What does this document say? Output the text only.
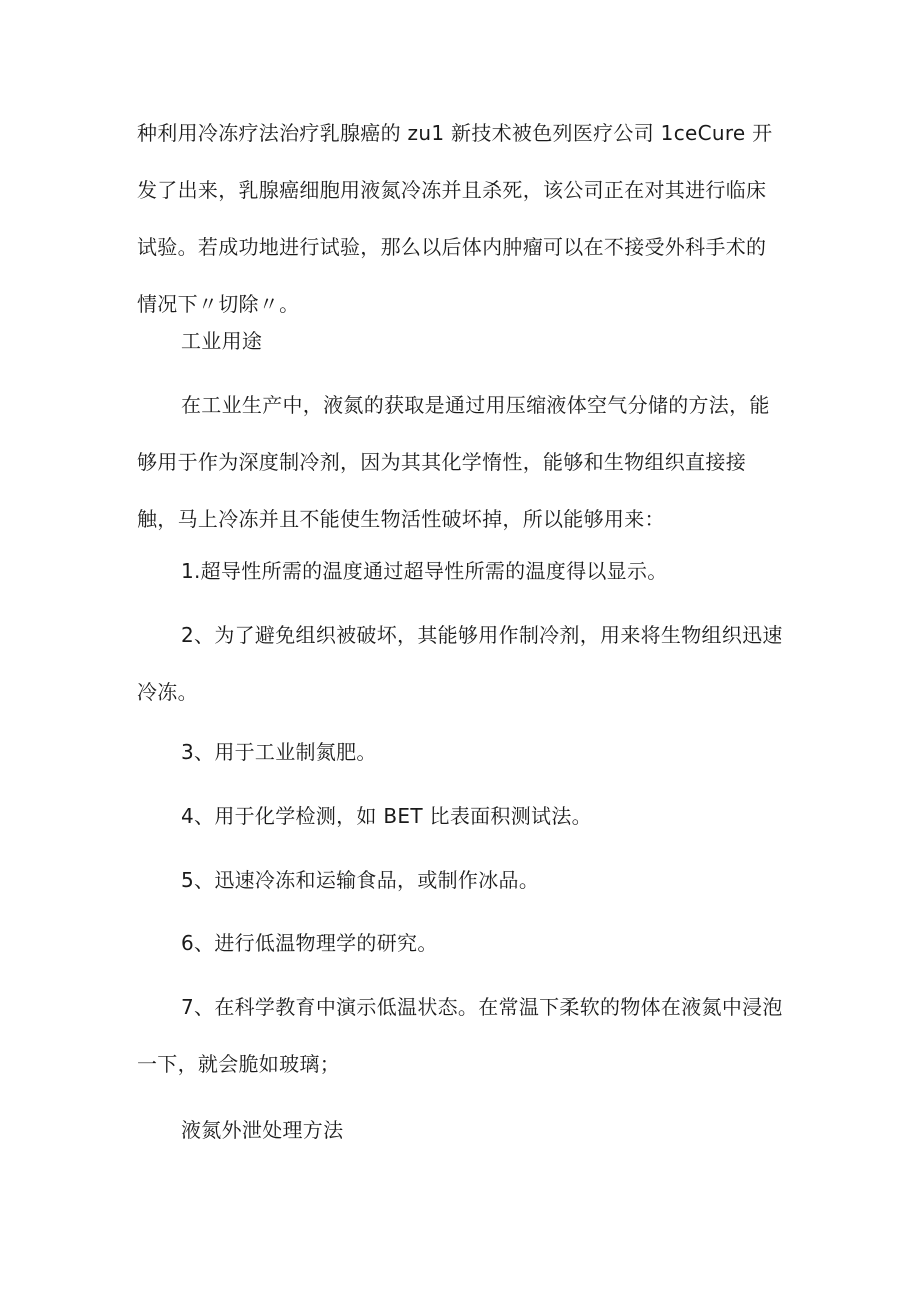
种利用冷冻疗法治疗乳腺癌的 zu1 新技术被色列医疗公司 1ceCure 开发了出来，乳腺癌细胞用液氮冷冻并且杀死，该公司正在对其进行临床试验。若成功地进行试验，那么以后体内肿瘤可以在不接受外科手术的情况下〃切除〃。

工业用途

在工业生产中，液氮的获取是通过用压缩液体空气分储的方法，能够用于作为深度制冷剂，因为其其化学惰性，能够和生物组织直接接触，马上冷冻并且不能使生物活性破坏掉，所以能够用来：

1.超导性所需的温度通过超导性所需的温度得以显示。

2、为了避免组织被破坏，其能够用作制冷剂，用来将生物组织迅速冷冻。

3、用于工业制氮肥。

4、用于化学检测，如 BET 比表面积测试法。

5、迅速冷冻和运输食品，或制作冰品。

6、进行低温物理学的研究。

7、在科学教育中演示低温状态。在常温下柔软的物体在液氮中浸泡一下，就会脆如玻璃；

液氮外泄处理方法
